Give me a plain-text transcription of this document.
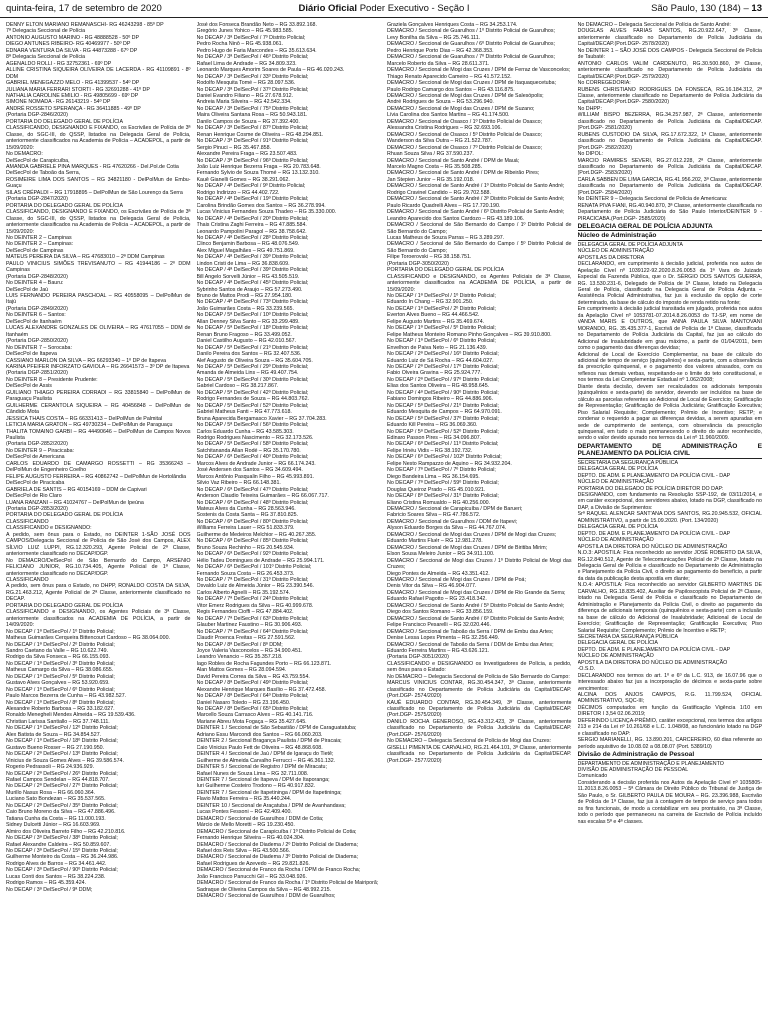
quinta-feira, 17 de setembro de 2020	Diário Oficial Poder Executivo - Seção I	São Paulo, 130 (184) – 13

DENNY ELTON MARIANO REMANASCHI- RG 46243298 - 85º DP

7ª Delegacia Seccional de Polícia

ANTONIO AUGUSTO MARINO - RG 48888528 - 50º DP

DIEGO ANTUNES RIBEIRO- RG 40469977 - 50º DP

EDNARA VENTURA DA SILVA - RG 44873288 - 67º DP

8ª Delegacia Seccional de Polícia

AGENALDO ROLLI - RG 32752361 - 69º DP

ALLINE CRISTINA SIQUEIRA OLIVEIRA DE LACERDA - RG 41109891 - 8º DDM

GABRIEL MENEGAZZO MELO - RG 41399537 - 54º DP

JULIANA MARIA FERRARI STORTI - RG 32691288 - 41º DP

NATHALIA CAROLINE EMILIO - RG 49805699 - 69º DP

SIMONE NOMADA - RG 26143219 - 54º DP

ANDRÉ ROSSETO SPERANÇA - RG 36411885 - 49º DP

(Portaria DGP-2846/2020)

PORTARIA DO DELEGADO GERAL DE POLÍCIA

CLASSIFICANDO, DESIGNANDO E FIXANDO, os Escrivães de Polícia de 3ª Classe, do SGC-III, do QSSP, listados na Delegacia Geral de Polícia, anteriormente classificados na Academia de Polícia – ACADEPOL, a partir de 15/09/2020:

No DEMACRO:

DelSecPol de Carapicuíba,

AMANDA GABRIELE PINA MARQUES - RG 47620266 - Del.Pol.de Cotia

DelSecPol de Taboão da Serra,

ROSIMEIRE LIMA DOS SANTOS – RG 34821180 - DelPolMun de Embu-Guaçu

SILAS CRÉPALDI – RG 17918895 – DelPolMun de São Lourenço da Serra

(Portaria DGP-2847/2020)

PORTARIA DO DELEGADO GERAL DE POLÍCIA

CLASSIFICANDO, DESIGNANDO E FIXANDO, os Escrivães de Polícia de 3ª Classe, do SGC-III, do QSSP, listados na Delegacia Geral de Polícia, anteriormente classificados na Academia de Polícia – ACADEPOL, a partir de 15/09/2020:

No DEINTER 2 – Campinas

No DEINTER 2 – Campinas:

DelSecPol de Campinas

MATEUS PEREIRA DA SILVA – RG 47683010 – 2ª DDM Campinas

PAULO VINICIUS SIMÕES TREVISANUTO – RG 41944186 – 2º DDM Campinas

(Portaria DGP-2848/2020)

No DEINTER 4 – Bauru:

DelSecPol de Jaú

LUIS FERNANDO PEREIRA PASCHOAL – RG 40558095 – DelPolMun de Itajú

(Portaria DGP-2849/2020)

No DEINTER 6 – Santos:

DelSecPol de Itanhaém

LUCAS ALEXANDRE GONZALES DE OLIVEIRA – RG 47617055 – DDM de Itanhaém

(Portaria DGP-2850/2020)

No DEINTER 7 – Sorocaba:

DelSecPol de Itapeva

CASSIANO MARLON DA SILVA – RG 66293340 – 1º DP de Itapeva

KARINA PFEIFER INFORZATO GAVIOLA – RG 26641573 – 3º DP de Itapeva

(Portaria DGP-2851/2020)

No DEINTER 8 – Presidente Prudente:

DelSecPol de Assis

GUILIANO THIAGO PEREIRA CORRADI – RG 33815840 – DelPolMun de Paraguaçu Paulista

GUILHERME CERANTOLA SIQUEIRA – RG 40456848 – DelPolMun de Cândido Mota

JESSICA THAIS COSTA – RG 66331413 – DelPolMun de Palmital

LETICIA MARIA GRATON – RG 49730234 – DelPolMun de Paraguaçu

THALITA TOMAINO GARBI – RG 44490646 – DelPolMun de Campos Novos Paulista

(Portaria DGP-2852/2020)

No DEINTER 9 – Piracicaba:

DelSecPol de Americana

CARLOS EDUARDO DE CAMARGO ROSSETTI – RG 35366243 – DelPolMun de Engenheiro Coelho

FELIPE AUGUSTO FERREIRA – RG 40862742 – DelPolMun de Hortolândia

DelSecPol de Piracicaba

GABRIELA DE SANTIS – RG 40154169 – DDM de Capivari

DelSecPol de Rio Claro

LUANA RANZANI – RG 41024767 – DelPolMun de Ipeúna

(Portaria DGP-2853/2020)

PORTARIA DO DELEGADO GERAL DE POLÍCIA

CLASSIFICANDO

CLASSIFICANDO e DESIGNANDO:

A pedido, sem ônus para o Estado, no DEINTER 1-SÃO JOSÉ DOS CAMPOS/Delegacia Seccional de Polícia de São José dos Campos, ALEX SÍLVIO LUIZ LUPPI, RG.12.320.293, Agente Policial de 2ª Classe, anteriormente classificado no DECAP/DGP.

No DEMACRO/DelSecPol de São Bernardo do Campo, ARSENIO FELICIANO JUNIOR, RG.10.734.405, Agente Policial de 1ª Classe, anteriormente classificado no DECAP/DGP.

CLASSIFICANDO

A pedido, sem ônus para o Estado, no DHPP, RONALDO COSTA DA SILVA, RG.21.463.212, Agente Policial de 2ª Classe, anteriormente classificado no DECAP.

PORTARIA DO DELEGADO GERAL DE POLÍCIA

CLASSIFICANDO e DESIGNANDO, os Agentes Policiais de 3ª Classe, anteriormente classificados na ACADEMIA DE POLÍCIA, a partir de 14/09/2020:

No DECAP / 1ª DelSecPol / 1º Distrito Policial;

Matheus Guimarães Cerqueira Bittencourt Cardoso – RG 38.064.000.

No DECAP / 1ª DelSecPol / 2º Distrito Policial;

Sandro Caetano da Valle – RG 10.622.749.

Rodrigo da Silva Fonseca – RG 66.155.093.

No DECAP / 1ª DelSecPol / 3º Distrito Policial;

Matheus Camargo da Silva – RG 38.086.655.

No DECAP / 1ª DelSecPol / 5º Distrito Policial;

Gustavo Alves Gonçalves – RG 53.920.659.

No DECAP / 1ª DelSecPol / 6º Distrito Policial;

Paulo Marcos Bezerra de Cunha – RG 43.982.527.

No DECAP / 1ª DelSecPol / 8º Distrito Policial;

Alexandre Roberto Barbosa – RG 33.182.027.

Ronaldo Menegheli Mendes Almeida – RG 19.539.436.

Christian Larissa Santiallo – RG 37.748.111.

No DECAP / 1ª DelSecPol / 12º Distrito Policial;

Alex Batista de Souza – RG 34.854.527.

No DECAP / 1ª DelSecPol / 18º Distrito Policial;

Gustavo Bueno Rosser – RG 27.190.950.

No DECAP / 2ª DelSecPol / 13º Distrito Policial;

Vinicius de Souza Gomes Alves – RG 39.586.574.

Rogerio Pedrassoli – RG 24.936.929.

No DECAP / 2ª DelSecPol / 26º Distrito Policial;

Rafael Campos Sendelan – RG 44.818.707.

No DECAP / 2ª DelSecPol / 27º Distrito Policial;

Murillo Nasus Rosa – RG 66.060.364.

Luciano Sato Bondezan – RG 35.537.565.

No DECAP / 2ª DelSecPol / 35º Distrito Policial;

Caio Bruno Moreno da Silva – RG 47.886.496.

Tatiana Cunha da Costa – RG 11.000.193.

Sidney Dulcetti Júnior – RG 16.603.969.

Almiro dos Oliveira Barreto Filho – RG 42.210.816.

No DECAP / 3ª DelSecPol / 38º Distrito Policial;

Rafael Alexandre Caldeira – RG 50.859.607.

No DECAP / 3ª DelSecPol / 15º Distrito Policial;

Guilherme Monteiro da Costa – RG 36.244.986.

Rodrigo Alves de Barros – RG 34.461.442.

No DECAP / 3ª DelSecPol / 90º Distrito Policial;

Lucas Conti dos Santos – RG 38.224.238.

Rodrigo Ramos – RG 45.359.424.

No DECAP / 3ª DelSecPol / 9ª DDM;

José dos Fonseca Brandão Neto – RG 33.892.168.

Gregório Junes Yohico – RG 45.983.585.

No DECAP / 3ª DelSecPol / 7º Distrito Policial;

Pedro Rocha Ninô – RG 45.938.061.

Pedro Hugo de Faria Marcondes – RG 35.613.634.

No DECAP / 3ª DelSecPol / 46º Distrito Policial;

Rafael Lima de Andrade – RG 34.809.323.

Leonardo Marques Amorim Soares de Paula – RG 46.020.243.

No DECAP / 3ª DelSecPol / 33º Distrito Policial;

Rodolfo Mesquita Tomé – RG 28.097.536.

No DECAP / 3ª DelSecPol / 37º Distrito Policial;

Daniel Evandro Filiano – RG 27.678.912.

Andreia Maria Silveira – RG 42.542.334.

No DECAP / 3ª DelSecPol / 75º Distrito Policial;

Maira Oliveira Santana Rosa – RG 50.943.181.

Danilo Campos de Souza – RG 37.392.400.

No DECAP / 3ª DelSecPol / 87º Distrito Policial;

Renan Henrique Cosme de Oliveira – RG 48.294.851.

No DECAP / 3ª DelSecPol / 91º Distrito Policial;

Sergio Pinuci – RG 35.467.858.

Alexandre Pereira Fraga – RG 23.507.483.

No DECAP / 3ª DelSecPol / 96º Distrito Policial;

João Luiz Henrique Bezerra Fraga – RG 20.783.648.

Fernando Sylvio de Souza Thomé – RG 13.132.310.

Kauê Gianelli Gomes – RG 38.291.062.

No DECAP / 4ª DelSecPol / 9º Distrito Policial;

Rodrigo Indirizzo – RG 44.402.722.

No DECAP / 4ª DelSecPol / 19º Distrito Policial;

Carolina Brindão Gomes dos Santos – RG 36.278.994.

Lucas Vinicius Fernandes Souza Thadeo – RG 35.330.000.

No DECAP / 4ª DelSecPol / 20º Distrito Policial;

Thais Cristina Zaghi Ferreira – RG 47.885.584.

Leonardo Pampolini Paragol – RG 38.758.642.

No DECAP / 4ª DelSecPol / 28º Distrito Policial;

Clinco Benjamin Barbosa – RG 48.076.549.

Alex Miguel Magalhães – RG 49.751.869.

No DECAP / 4ª DelSecPol / 39º Distrito Policial;

Lindon Cristi de Lima – RG 36.838.609.

No DECAP / 4ª DelSecPol / 39º Distrito Policial;

Bill Angelo Sorvelli Júnior – RG 43.505.519.

No DECAP / 4ª DelSecPol / 45º Distrito Policial;

Sybrinho Santos de Araujo – RG 57.273.490.

Bruno de Mattos Prodi – RG 27.954.180.

No DECAP / 4ª DelSecPol / 73º Distrito Policial;

João Guimarães Costa – RG 33.239.565.

No DECAP / 5ª DelSecPol / 10º Distrito Policial;

Allan Denney Silva Santo – RG 33.299.489.

No DECAP / 5ª DelSecPol / 18º Distrito Policial;

Renan Bruno Fragoso – RG 33.499.052.

Daniel Castilho Augusto – RG 42.010.567.

No DECAP / 5ª DelSecPol / 21º Distrito Policial;

Danilo Pereira dos Santos – RG 32.407.536.

Alef Augusto de Oliveira Souza – RG 35.604.705.

No DECAP / 5ª DelSecPol / 29º Distrito Policial;

Amanda de Almeida Lins – RG 49.407.754.

No DECAP / 5ª DelSecPol / 30º Distrito Policial;

Gabriel Cardoso – RG 38.217.867.

No DECAP / 5ª DelSecPol / 42º Distrito Policial;

Rodrigo Fernandes de Souza – RG 44.803.762.

No DECAP / 5ª DelSecPol / 52º Distrito Policial;

Gabriel Matheus Fanti – RG 47.773.618.

Bruna Aparecida Bergamasco Xavier – RG 37.704.283.

No DECAP / 5ª DelSecPol / 56º Distrito Policial;

Carlos Eduardo Cunha – RG 43.585.303.

Rodrigo Rodrigues Nascimento – RG 32.173.526.

No DECAP / 5ª DelSecPol / 58º Distrito Policial;

Satchitananda Allan Rodé – RG 35.170.780.

No DECAP / 6ª DelSecPol / 40º Distrito Policial;

Marcos Alves de Andrade Junior – RG 66.174.243.

José Andersen dos Santos – RG 34.609.494.

Marcos Antônio Pasqualin Filho – RG 45.993.891.

Silvio Vaz Ribeiro – RG 66.148.381.

No DECAP / 6ª DelSecPol / 47º Distrito Policial;

Anderson Claudio Teixeira Guimarães – RG 66.067.717.

No DECAP / 6ª DelSecPol / 48º Distrito Policial;

Mateus Alves da Cunha – RG 28.563.946.

Sostenis da Costa Santa – RG 37.810.825.

No DECAP / 6ª DelSecPol / 80º Distrito Policial;

Williams Ferreira Lauer – RG 51.833.379.

Guilherme de Medeiros Melchior – RG 40.267.355.

No DECAP / 6ª DelSecPol / 85º Distrito Policial;

Bruno Souza Rechinho – RG 20.545.934.

No DECAP / 6ª DelSecPol / 92º Distrito Policial;

Hélio Tadeu Domingues de Andrade – RG 25.994.171.

No DECAP / 6ª DelSecPol / 101º Distrito Policial;

Fernando Souza Costa – RG 26.453.373.

No DECAP / 7ª DelSecPol / 31º Distrito Policial;

Osvaldo Luiz de Almeida Júnior – RG 23.390.546.

Carlos Alberto Agnelli – RG 35.192.574.

No DECAP / 7ª DelSecPol / 24º Distrito Policial;

Vitor Emerz Rodrigues da Silva – RG 40.999.678.

Regis Fernandes Cioffi – RG 47.884.402.

No DECAP / 7ª DelSecPol / 63º Distrito Policial;

Glauber Martinez Faustino – RG 30.906.493.

No DECAP / 7ª DelSecPol / 64º Distrito Policial;

Claudir Proenca Freitas – RG 27.591.562.

No DECAP / 8ª DelSecPol / 8ª DDM;

Joyce Valeria Vasconcelos – RG 34.900.451.

Leandro Venancio – RG 35.357.218.

Iago Robles de Rocha Fagundes Porto – RG 66.123.871.

Alan Mattos Gomes – RG 28.094.594.

David Pereira Correa da Silva – RG 43.759.554.

No DECAP / 8ª DelSecPol / 49º Distrito Policial;

Alexandre Henrique Marques Basílio – RG 37.472.458.

No DECAP / 8ª DelSecPol / 64º Distrito Policial;

Daniel Nasaro Toledo – RG 23.196.450.

No DECAP / 8ª DelSecPol / 65º Distrito Policial;

Marcello Souza Carrasco Alves – RG 40.141.716.

Mariane Abreu Mota Fogaça – RG 35.427.645.

DEINTER 1 / Seccional de São Sebastião / DPM de Caraguatatuba;

Adriano Essu Marcondi dos Santos – RG 66.060.203.

DEINTER 2 / Seccional Bragança Paulista / DPM de Piracaia;

Caio Vinicius Paulo Fett de Oliveira – RG 48.868.608.

DEINTER 4 / Seccional de Jaú / DPM de Igaraçu do Tietê;

Guilherme de Almeida Carvalho Ferrucci – RG 46.361.132.

DEINTER 5 / Seccional de Registro / DPM de Miracatu;

Rafael Nunes de Souza Lima – RG 32.711.008.

DEINTER 7 / Seccional de Itapeva / DPM de Itaporanga;

Iuri Guilherme Costeiro Trodono – RG 40.917.832.

DEINTER 7 / Seccional de Itapetininga / DPM de Itapetininga;

Flavio Mattos Ferreira – RG 35.440.244.

DEINTER 10 / Seccional de Araçatuba / DPM de Avanhandava;

Lucas Pontes Fessoni – RG 42.409.400.

DEMACRO / Seccional de Guarulhos / DDM de Cotia;

Márcio de Mello Moretti – RG 19.230.450.

DEMACRO / Seccional de Carapicuíba / 1º Distrito Policial de Cotia;

Fernando Henrique Silveira – RG 40.024.304.

DEMACRO / Seccional de Diadema / 2º Distrito Policial de Diadema;

Rafael dos Reis Silva – RG 43.500.566.

DEMACRO / Seccional de Diadema / 3º Distrito Policial de Diadema;

Rafael Rodrigues de Azevedo – RG 29.821.826.

DEMACRO / Seccional de Franco da Rocha / DPM de Franco Rocha;

João Francisco Panucchi Gil – RG 33.048.926.

DEMACRO / Seccional de Franco da Rocha / 1º Distrito Policial de Mairiporã;

Sadraque de Oliveira Campos da Silva – RG 48.992.215.

DEMACRO / Seccional de Guarulhos / DDM de Guarulhos;

Graziela Gonçalves Henriques Costa – RG 34.253.174.

DEMACRO / Seccional de Guarulhos / 1º Distrito Policial de Guarulhos;

Levy Bonilha da Silva – RG 25.746.111.

DEMACRO / Seccional de Guarulhos / 6º Distrito Policial de Guarulhos;

Pedro Henrique Porto Dias – RG 42.368.353.

DEMACRO / Seccional de Guarulhos / 7º Distrito Policial de Guarulhos;

Marcelo Roberto da Silva – RG 28.611.371.

DEMACRO / Seccional de Mogi das Cruzes / DPM de Ferraz de Vasconcelos;

Thiago Renato Aparecido Cameiro – RG 41.572.152.

DEMACRO / Seccional de Mogi das Cruzes / DPM de Itaquaquecetuba;

Paulo Rodrigo Camargo dos Santos – RG 43.116.875.

DEMACRO / Seccional de Mogi das Cruzes / DPM de Salesópolis;

André Rodrigues de Souza – RG 53.296.940.

DEMACRO / Seccional de Mogi das Cruzes / DPM de Suzano;

Lívia Carolina dos Santos Martins – RG 41.174.500.

DEMACRO / Seccional de Osasco / 1º Distrito Policial de Osasco;

Alessandra Cristina Rodrigues – RG 32.693.106.

DEMACRO / Seccional de Osasco / 5º Distrito Policial de Osasco;

Wanderson da Silva Outra – RG 21.522.787.

DEMACRO / Seccional de Osasco / 7º Distrito Policial de Osasco;

Rhuan Souza Silva / RG 37.590.237.

DEMACRO / Seccional de Santo André / DPM de Mauá;

Marcelo Magno Costa – RG 35.508.285.

DEMACRO / Seccional de Santo André / DPM de Ribeirão Pires;

Jan Stepien Junior – RG 35.192.018.

DEMACRO / Seccional de Santo André / 1º Distrito Policial de Santo André;

Rodrigo Cravinel Candido – RG 29.702.588.

DEMACRO / Seccional de Santo André / 3º Distrito Policial de Santo André;

Paulo Ricardo Quadrelli Alves – RG 17.720.190.

DEMACRO / Seccional de Santo André / 6º Distrito Policial de Santo André;

Leandro Aparecido dos Santos Cardozo – RG 43.189.106.

DEMACRO / Seccional de São Bernardo do Campo / 1º Distrito Policial de São Bernardo do Campo;

Lucas Matheus de Souza Parras – RG 3.289.297.

DEMACRO / Seccional de São Bernardo do Campo / 5º Distrito Policial de São Bernardo do Campo;

Filipe Toroerovski – RG 38.158.751.

(Portaria DGP-3050/2020)

PORTARIA DO DELEGADO GERAL DE POLÍCIA

CLASSIFICANDO e DESIGNANDO, os Agentes Policiais de 3ª Classe, anteriormente classificados na ACADEMIA DE POLÍCIA, a partir de 15/09/2020:

No DECAP / 1ª DelSecPol / 1º Distrito Policial;

Eduardo In Chang – RG 32.901.250.

No DECAP / 1ª DelSecPol / 2º Distrito Policial;

Everton Alves Bueno – RG 44.466.542.

Felipe Augusto Martins – RG 35.469.674.

No DECAP / 1ª DelSecPol / 5º Distrito Policial;

Felipe Matheus Monteiro Romano Pinho Gonçalves – RG 39.910.800.

No DECAP / 1ª DelSecPol / 6º Distrito Policial;

Envelhon de Paiva Neto – RG 21.136.439.

No DECAP / 2ª DelSecPol / 16º Distrito Policial;

Eduardo Luiz de Sá Rocha – RG 44.604.027.

No DECAP / 2ª DelSecPol / 17º Distrito Policial;

Fabio Olveira Gravina – RG 25.924.777.

No DECAP / 2ª DelSecPol / 97º Distrito Policial;

Elias dos Santos Oliveira – RG 48.958.645.

No DECAP / 4ª DelSecPol / 90º Distrito Policial;

Fabiano Domingos Ribeiro – RG 44.886.906.

No DECAP / 5ª DelSecPol / 21º Distrito Policial;

Eduardo Mesquita de Campos – RG 64.970.091.

No DECAP / 5ª DelSecPol / 37º Distrito Policial;

Eduardo Kill Pereira – RG 36.069.360.

No DECAP / 5ª DelSecPol / 52º Distrito Policial;

Edinaro Passon Pires – RG 34.096.807.

No DECAP / 6ª DelSecPol / 11º Distrito Policial;

Felipe Irinéu Vidis – RG 38.192.732.

No DECAP / 6ª DelSecPol / 102º Distrito Policial;

Felipe Nesto Rampazzo de Aquino – RG 34.932.204.

No DECAP / 7ª DelSecPol / 7º Distrito Policial;

Diego Bandeira Lima – RG 36.154.695.

No DECAP / 7ª DelSecPol / 59º Distrito Policial;

Douglas Queiroz Prado – RG 45.010.921.

No DECAP / 8ª DelSecPol / 31º Distrito Policial;

Eliano Cristina Romualdo – RG 40.256.000.

DEMACRO / Seccional de Carapicuíba / DPM de Barueri;

Fabricio Soares Silva – RG 47.786.572.

DEMACRO / Seccional de Guarulhos / DDM de Itapevi;

Alyson Eduardo Borges da Silva – RG 44.767.074.

DEMACRO / Seccional de Mogi das Cruzes / DPM de Mogi das Cruzes;

Eduardo Martins Fluér – RG 12.981.278.

DEMACRO / Seccional de Mogi das Cruzes / DPM de Biritiba Mirim;

Elson Sousa Meleiro Junior – RG 34.911.100.

DEMACRO / Seccional de Mogi das Cruzes / 1º Distrito Policial de Mogi das Cruzes;

Diego Pontes de Almeida – RG 43.351.412.

DEMACRO / Seccional de Mogi das Cruzes / DPM de Poá;

Denis Vitor da Silva – RG 46.904.077.

DEMACRO / Seccional de Mogi das Cruzes / DPM de Rio Grande da Serra;

Eduardo Rafael Pagotto – RG 23.418.342.

DEMACRO / Seccional de Santo André / 5º Distrito Policial de Santo André;

Diego dos Santos Romano – RG 33.856.159.

DEMACRO / Seccional de Santo André / 6º Distrito Policial de Santo André;

Felipe Francisco Pesarelli – RG 32.020.446.

DEMACRO / Seccional de Taboão da Serra / DPM de Embu das Artes;

Denise Lessa Lopes Pimenta – RG 32.256.449.

DEMACRO / Seccional de Taboão da Serra / DDM de Embu das Artes;

Eduardo Ferreira Martins – RG 43.626.121.

(Portaria DGP-3051/2020)

CLASSIFICANDO e DESIGNANDO os Investigadores de Polícia, a pedido, sem ônus para o Estado:

No DEMACRO – Delegacia Seccional de Polícia de São Bernardo do Campo:

MARCUS VINICIUS CONTAR, RG.30.454.347, 3ª Classe, anteriormente classificado no Departamento de Polícia Judiciária da Capital/DECAP.(Port.DGP- 2574/2020)

KAUÊ EDUARDO CONTAR, RG.30.454.349, 3ª Classe, anteriormente classificado no Departamento de Polícia Judiciária da Capital/DECAP.(Port.DGP- 2575/2020)

DANILO ROCHA GENEROSO, RG.43.312.423, 3ª Classe, anteriormente classificado no Departamento de Polícia Judiciária da Capital/DECAP.(Port.DGP- 2576/2020)

No DEMACRO – Delegacia Seccional de Polícia de Mogi das Cruzes:

GISELLI PIMENTA DE CARVALHO, RG.21.464.101, 3ª Classe, anteriormente classificada no Departamento de Polícia Judiciária da Capital/DECAP.(Port.DGP- 2577/2020)

No DEMACRO – Delegacia Seccional de Polícia de Santo André:

DOUGLAS ALVES FARIAS SANTOS, RG.20.922.647, 3ª Classe, anteriormente classificado no Departamento de Polícia Judiciária da Capital/DECAP.(Port.DGP- 2578/2020)

No DEINTER 1 – SÃO JOSÉ DOS CAMPOS - Delegacia Seccional de Polícia de Taubaté:

ANTONIO CARLOS VALIM CARDENUTO, RG.30.500.860, 3ª Classe, anteriormente classificado no Departamento de Polícia Judiciária da Capital/DECAP.(Port.DGP- 2579/2020)

No CORREGEDORIA:

RUBENS CHRISTIANO RODRIGUES DA FONSECA, RG.16.184.312, 2ª Classe, anteriormente classificado no Departamento de Polícia Judiciária da Capital/DECAP.(Port.DGP- 2580/2020)

No DHPP:

WILLIAM BISPO BEZERRA, RG.34.257.987, 2ª Classe, anteriormente classificado no Departamento de Polícia Judiciária da Capital/DECAP.(Port.DGP- 2581/2020)

RUBENS CUSTODIO DA SILVA, RG.17.672.322, 1ª Classe, anteriormente classificado no Departamento de Polícia Judiciária da Capital/DECAP.(Port.DGP- 2582/2020)

No DIPOL:

MARCIO RAMIRES SEVERI, RG.27.012.228, 2ª Classe, anteriormente classificado no Departamento de Polícia Judiciária da Capital/DECAP.(Port.DGP- 2583/2020)

CARLA SABBEN DE LIMA GARCIA, RG.41.956.202, 3ª Classe, anteriormente classificada no Departamento de Polícia Judiciária da Capital/DECAP.(Port.DGP- 2584/2020)

No DEINTER 9 – Delegacia Seccional de Polícia de Americana:

RENATA PIVA FIANI, RG.40.940.870, 3ª Classe, anteriormente classificada no Departamento de Polícia Judiciária do São Paulo Interior/DEINTER 9 - PIRACICABA.(Port.DGP- 2585/2020)

DELEGACIA GERAL DE POLÍCIA ADJUNTA

Núcleo de Administração

DELEGACIA GERAL DE POLÍCIA ADJUNTA

NÚCLEO DE ADMINISTRAÇÃO

APOSTILAS DA DIRETORA

DECLARANDO, em cumprimento à decisão judicial, proferida nos autos de Apelação Cível nº 1039122-92.2020.8.26.0053 da 1ª Vara do Juizado Especial da Fazenda Pública, que o Dr. SÉRGIO DOS SANTOS GUERRA, RG. 13.530.231-6, Delegado de Polícia de 1ª Classe, lotado na Delegacia Geral de Polícia, classificado na Delegacia Geral de Polícia Adjunta – Assistência Policial Administrativa, faz jus à exclusão da opção de corte determinado, da base de cálculo do imposto de renda retido na fonte;

Em cumprimento à decisão judicial transitada em julgado, proferida nos autos da Apelação Cível nº 1053781-07.2014.8.26.0053 do TJ-SP, em nome de VANDA MARIS E OUTROS, que ANNA PAULA SILVA MANTOVANI MORANDO, RG. 35.435.377-1, Escrivã de Polícia de 1ª Classe, classificada no Departamento de Polícia Judiciária da Capital, faz jus ao cálculo do Adicional de Insalubridade em grau máximo, a partir de 01/04/2011, bem como o pagamento das diferenças devidas;

Adicional de Local de Exercício Complementar, na base de cálculo do adicional de tempo de serviço (quinquênios) e sexta-parte, com a observância da prescrição quinquenal, e o pagamento dos valores atrasados, com os reflexos nas demais verbas, respeitando-se o limite do teto constitucional, e nos termos da Lei Complementar Estadual nº 1.062/2008;

Diante desta decisão, devem ser recalculados os adicionais temporais (quinquênios e sexta-parte) do servidor, devendo ser incluídos na base de cálculo as parcelas referentes ao Adicional de Local de Exercício; Gratificação de Representação; Gratificação de Polícia Judiciária; Gratificação Executiva; Piso Salarial Requisite; Complemento; Prêmio de Incentivo; RETP; e condenar o requerido a pagar as diferenças devidas, a serem apuradas em sede de cumprimento de sentença, com observância da prescrição quinquenal, em tudo o mais permanecendo o direito do autor reconhecido, sendo o valor devido apurado nos termos da Lei nº 11.960/2009.

DEPARTAMENTO DE ADMINISTRAÇÃO E PLANEJAMENTO DA POLÍCIA CIVIL

SECRETARIA DA SEGURANÇA PÚBLICA

DELEGACIA GERAL DE POLÍCIA

DEPTO. DE ADM. E PLANEJAMENTO DA POLÍCIA CIVIL - DAP

NÚCLEO DE ADMINISTRAÇÃO

PORTARIA DO DELEGADO DE POLÍCIA DIRETOR DO DAP:

DESIGNANDO, com fundamento na Resolução SSP-192, de 03/11/2014, e em caráter excepcional, dos servidores abaixo, lotado na DGP, classificado no DAP, a Divisão de Suprimentos:

Srª RAQUEL ALENCAR SANT'ANA DOS SANTOS, RG.20.945.532, OFICIAL ADMINISTRATIVO, a partir de 15.09.2020. (Port. 134/2020)

DELEGACIA GERAL DE POLÍCIA

DEPTO. DE ADM. E PLANEJAMENTO DA POLÍCIA CIVIL - DAP

NÚCLEO DE ADMINISTRAÇÃO

APOSTILA DA DIRETORA DO NÚCLEO DE ADMINISTRAÇÃO

N.O.3: APOSTILA: Fica reconhecido ao servidor JOSÉ ROBERTO DA SILVA, RG.12.840.512, Agente de Telecomunicações Policial de 2ª Classe, lotado na Delegacia Geral de Polícia e classificado no Departamento de Administração e Planejamento da Polícia Civil, o direito ao pagamento do benefício, a partir da data da publicação desta apostila em diante;

N.O.4: APOSTILA: Fica reconhecido ao servidor GILBERTO MARTINS DE CARVALHO, RG.18.835.402, Auxiliar de Papiloscopista Policial de 2ª Classe, lotado na Delegacia Geral de Polícia e classificado no Departamento de Administração e Planejamento da Polícia Civil, o direito ao pagamento da diferença de adicionais temporais (quinquênios e sexta-parte) com a inclusão na base de cálculo do Adicional de Insalubridade; Adicional de Local de Exercício; Gratificação de Representação; Gratificação Executiva; Piso Salarial Requisite; Complemento; Prêmio de Incentivo e RETP;

SECRETARIA DA SEGURANÇA PÚBLICA

DELEGACIA GERAL DE POLÍCIA

DEPTO. DE ADM. E PLANEJAMENTO DA POLÍCIA CIVIL - DAP

NÚCLEO DE ADMINISTRAÇÃO

APOSTILA DA DIRETORA DO NÚCLEO DE ADMINISTRAÇÃO

-O.S.D.

DECLARANDO nos termos do art. 1º e 6º da L.C. 913, de 16.07.96 que o interessado abaixo faz jus a incorporação de décimos e sexta-parte sobre vencimentos:

ALCINA DOS ANJOS CAMPOS, R.G. 11.799.524, OFICIAL ADMINISTRATIVO, SQC-III;

DÉCIMOS computados em função da Gratificação Vigência 1/10 em DIRETOR I 3,54 02.06.2019;

DEFERINDO LICENÇA-PRÊMIO, caráter excepcional, nos termos dos artigos 213 e 214 da Lei nº 10.261/68 e L.C. 1.048/08, ao funcionário lotado na DGP e classificado no DAP:

SERGIO MARIANELLI, RG. 13.890.201, CARCEREIRO, 60 dias referente ao período aquisitivo de 10.08.02 a 08.08.07 (Port. 5389/10)

Divisão de Administração de Pessoal

DEPARTAMENTO DE ADMINISTRAÇÃO E PLANEJAMENTO

DIVISÃO DE ADMINISTRAÇÃO DE PESSOAL

Comunicado

Considerando a decisão proferida nos Autos da Apelação Cível nº 1035805-11.2013.8.26.0053 – 5ª Câmara de Direito Público do Tribunal de Justiça de São Paulo, o Sr. GILBERTO PAULA DE MOURA – RG. 23.396.988, Escrivão de Polícia de 1ª Classe, faz jus à contagem de tempo de serviço para todos os fins funcionais, de modo a contabilizar em seu prontuário, na 3ª Classe, todo o período que permaneceu na carreira de Escrivão de Polícia incluído nas escalas 5ª e 4ª classes.
